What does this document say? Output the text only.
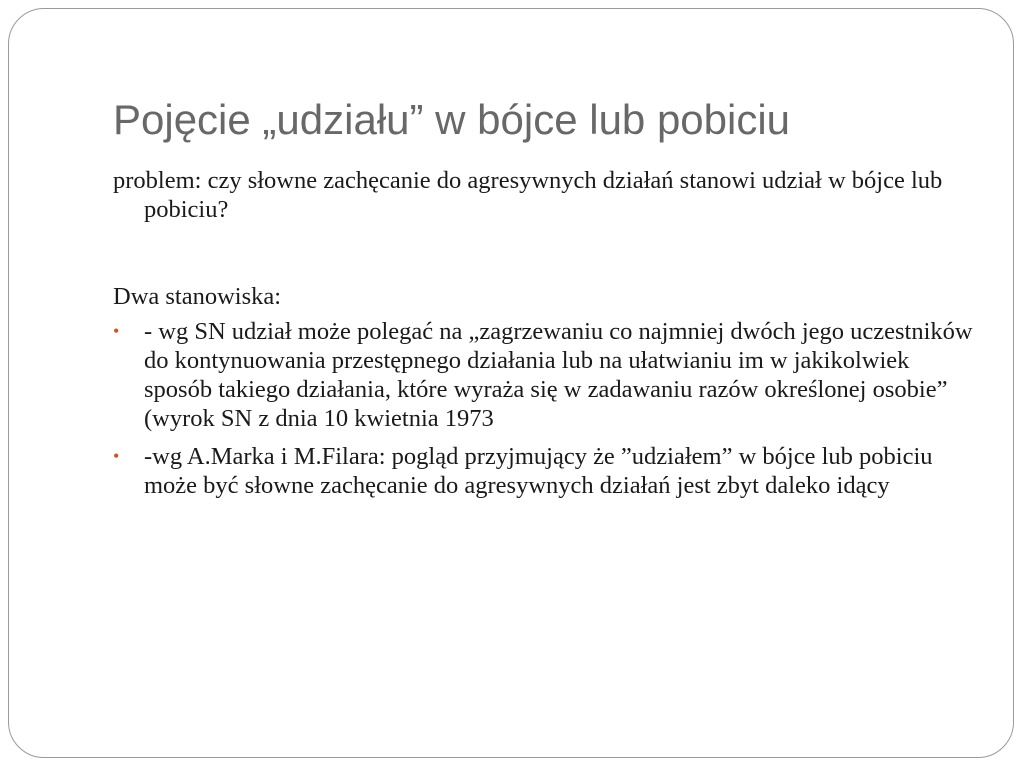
Pojęcie „udziału” w bójce lub pobiciu

problem: czy słowne zachęcanie do agresywnych działań stanowi udział w bójce lub pobiciu?

Dwa stanowiska:

• - wg SN udział może polegać na „zagrzewaniu co najmniej dwóch jego uczestników do kontynuowania przestępnego działania lub na ułatwianiu im w jakikolwiek sposób takiego działania, które wyraża się w zadawaniu razów określonej osobie” (wyrok SN z dnia 10 kwietnia 1973
• -wg A.Marka i M.Filara: pogląd przyjmujący że ”udziałem” w bójce lub pobiciu może być słowne zachęcanie do agresywnych działań jest zbyt daleko idący
